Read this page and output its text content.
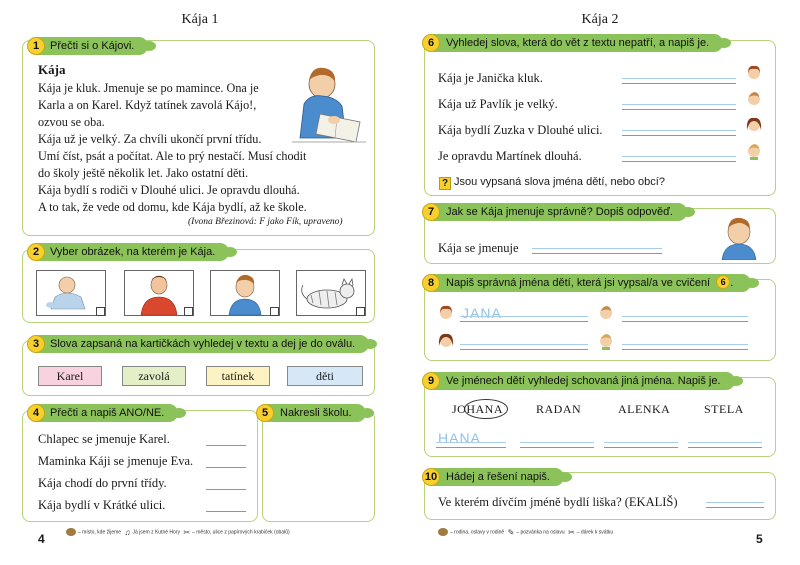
Kája 1
1 Přečti si o Kájovi.
Kája
Kája je kluk. Jmenuje se po mamince. Ona je
Karla a on Karel. Když tatínek zavolá Kájo!,
ozvou se oba.
Kája už je velký. Za chvíli ukončí první třídu.
Umí číst, psát a počítat. Ale to prý nestačí. Musí chodit
do školy ještě několik let. Jako ostatní děti.
Kája bydlí s rodiči v Dlouhé ulici. Je opravdu dlouhá.
A to tak, že vede od domu, kde Kája bydlí, až ke škole.
(Ivona Březinová: F jako Fík, upraveno)
2 Vyber obrázek, na kterém je Kája.
3 Slova zapsaná na kartičkách vyhledej v textu a dej je do oválu.
Karel	zavolá	tatínek	děti
4 Přečti a napiš ANO/NE.
Chlapec se jmenuje Karel.
Maminka Káji se jmenuje Eva.
Kája chodí do první třídy.
Kája bydlí v Krátké ulici.
5	Nakresli školu.
4	– místo, kde žijeme ♫ Já jsem z Kutné Hory ✂ – město, ulice z papírových krabiček (obalů)
Kája 2
6	Vyhledej slova, která do vět z textu nepatří, a napiš je.
Kája je Janička kluk.
Kája už Pavlík je velký.
Kája bydlí Zuzka v Dlouhé ulici.
Je opravdu Martínek dlouhá.
? Jsou vypsaná slova jména dětí, nebo obcí?
7	Jak se Kája jmenuje správně? Dopiš odpověď.
Kája se jmenuje
8	Napiš správná jména dětí, která jsi vypsal/a ve cvičení 6 .
JANA
9	Ve jménech dětí vyhledej schovaná jiná jména. Napiš je.
JOHANA	RADAN	ALENKA	STELA
HANA
10 Hádej a řešení napiš.
Ve kterém dívčím jméně bydlí liška? (EKALIŠ)
– rodina, oslavy v rodině ✎ – pozvánka na oslavu ✂ – dárek k svátku	5
